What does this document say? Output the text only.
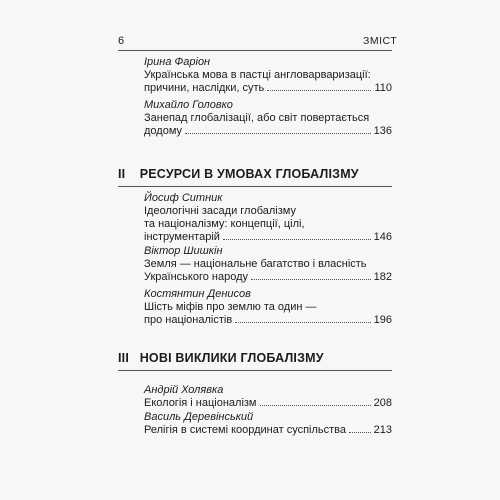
6	ЗМІСТ
Ірина Фаріон
Українська мова в пастці англоварваризації:
причини, наслідки, суть	110
Михайло Головко
Занепад глобалізації, або світ повертається
додому	136
ІІ РЕСУРСИ В УМОВАХ ГЛОБАЛІЗМУ
Йосиф Ситник
Ідеологічні засади глобалізму
та націоналізму: концепції, цілі,
інструментарій	146
Віктор Шишкін
Земля — національне багатство і власність
Українського народу	182
Костянтин Денисов
Шість міфів про землю та один —
про націоналістів	196
ІІІ НОВІ ВИКЛИКИ ГЛОБАЛІЗМУ
Андрій Холявка
Екологія і націоналізм	208
Василь Деревінський
Релігія в системі координат суспільства	213
